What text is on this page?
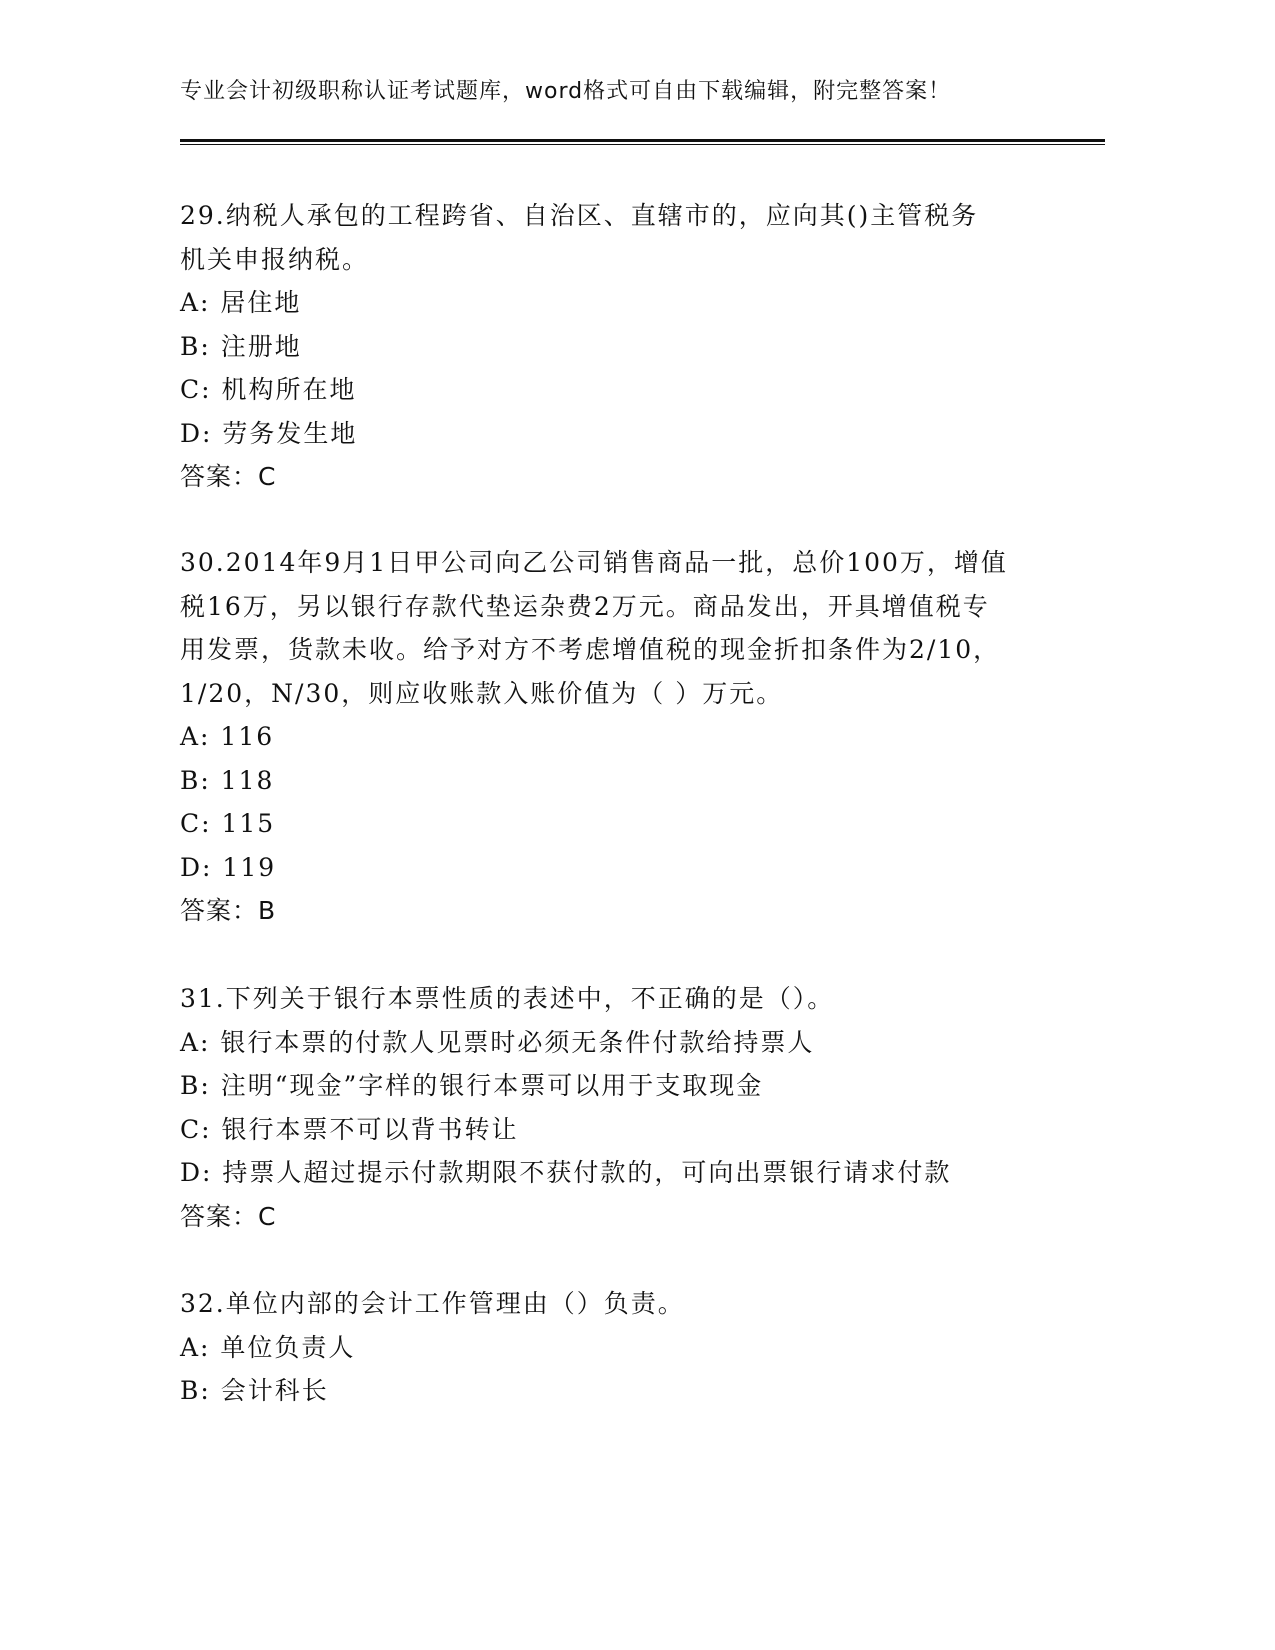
专业会计初级职称认证考试题库，word格式可自由下载编辑，附完整答案！
29.纳税人承包的工程跨省、自治区、直辖市的，应向其()主管税务
机关申报纳税。
A: 居住地
B: 注册地
C: 机构所在地
D: 劳务发生地
答案：C
30.2014年9月1日甲公司向乙公司销售商品一批，总价100万，增值
税16万，另以银行存款代垫运杂费2万元。商品发出，开具增值税专
用发票，货款未收。给予对方不考虑增值税的现金折扣条件为2/10，
1/20，N/30，则应收账款入账价值为（ ）万元。
A: 116
B: 118
C: 115
D: 119
答案：B
31.下列关于银行本票性质的表述中，不正确的是（）。
A: 银行本票的付款人见票时必须无条件付款给持票人
B: 注明“现金”字样的银行本票可以用于支取现金
C: 银行本票不可以背书转让
D: 持票人超过提示付款期限不获付款的，可向出票银行请求付款
答案：C
32.单位内部的会计工作管理由（）负责。
A: 单位负责人
B: 会计科长
